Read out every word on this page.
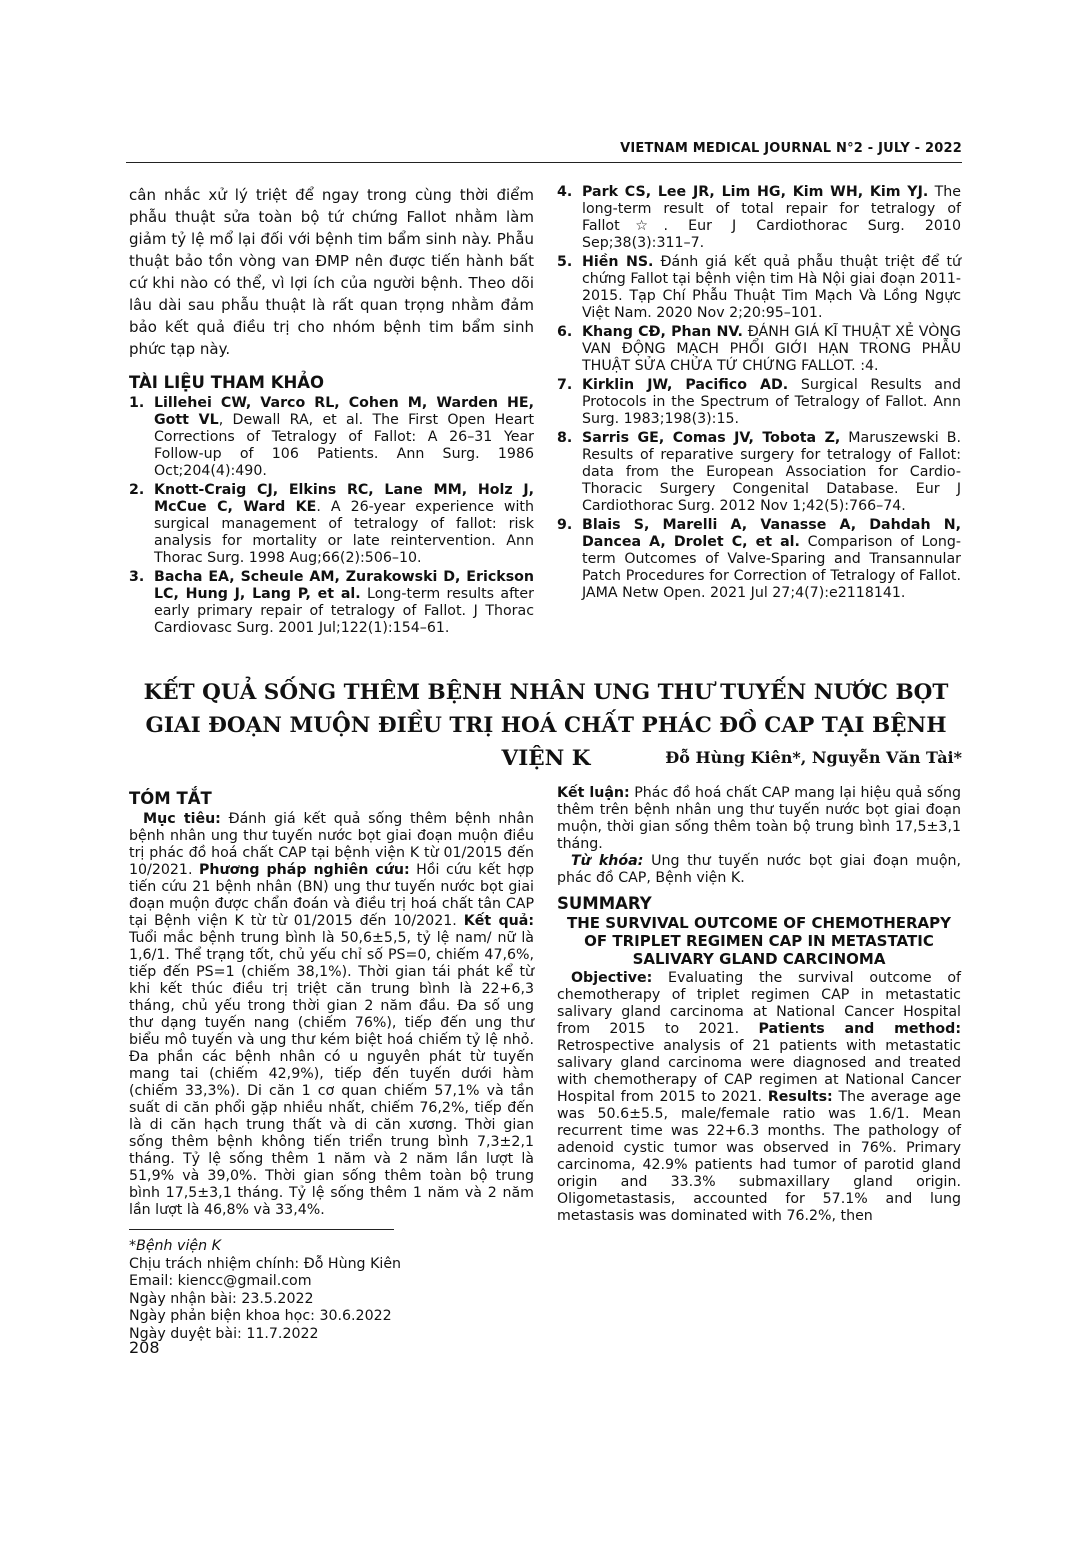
VIETNAM MEDICAL JOURNAL N°2 - JULY - 2022

cân nhắc xử lý triệt để ngay trong cùng thời điểm phẫu thuật sửa toàn bộ tứ chứng Fallot nhằm làm giảm tỷ lệ mổ lại đối với bệnh tim bẩm sinh này. Phẫu thuật bảo tồn vòng van ĐMP nên được tiến hành bất cứ khi nào có thể, vì lợi ích của người bệnh. Theo dõi lâu dài sau phẫu thuật là rất quan trọng nhằm đảm bảo kết quả điều trị cho nhóm bệnh tim bẩm sinh phức tạp này.

TÀI LIỆU THAM KHẢO
1. Lillehei CW, Varco RL, Cohen M, Warden HE, Gott VL, Dewall RA, et al. The First Open Heart Corrections of Tetralogy of Fallot: A 26–31 Year Follow-up of 106 Patients. Ann Surg. 1986 Oct;204(4):490.
2. Knott-Craig CJ, Elkins RC, Lane MM, Holz J, McCue C, Ward KE. A 26-year experience with surgical management of tetralogy of fallot: risk analysis for mortality or late reintervention. Ann Thorac Surg. 1998 Aug;66(2):506–10.
3. Bacha EA, Scheule AM, Zurakowski D, Erickson LC, Hung J, Lang P, et al. Long-term results after early primary repair of tetralogy of Fallot. J Thorac Cardiovasc Surg. 2001 Jul;122(1):154–61.
4. Park CS, Lee JR, Lim HG, Kim WH, Kim YJ. The long-term result of total repair for tetralogy of Fallot☆. Eur J Cardiothorac Surg. 2010 Sep;38(3):311–7.
5. Hiền NS. Đánh giá kết quả phẫu thuật triệt để tứ chứng Fallot tại bệnh viện tim Hà Nội giai đoạn 2011-2015. Tạp Chí Phẫu Thuật Tim Mạch Và Lồng Ngực Việt Nam. 2020 Nov 2;20:95–101.
6. Khang CĐ, Phan NV. ĐÁNH GIÁ KĨ THUẬT XẺ VÒNG VAN ĐỘNG MẠCH PHỔI GIỚI HẠN TRONG PHẪU THUẬT SỬA CHỬA TỨ CHỨNG FALLOT. :4.
7. Kirklin JW, Pacifico AD. Surgical Results and Protocols in the Spectrum of Tetralogy of Fallot. Ann Surg. 1983;198(3):15.
8. Sarris GE, Comas JV, Tobota Z, Maruszewski B. Results of reparative surgery for tetralogy of Fallot: data from the European Association for Cardio-Thoracic Surgery Congenital Database. Eur J Cardiothorac Surg. 2012 Nov 1;42(5):766–74.
9. Blais S, Marelli A, Vanasse A, Dahdah N, Dancea A, Drolet C, et al. Comparison of Long-term Outcomes of Valve-Sparing and Transannular Patch Procedures for Correction of Tetralogy of Fallot. JAMA Netw Open. 2021 Jul 27;4(7):e2118141.
KẾT QUẢ SỐNG THÊM BỆNH NHÂN UNG THƯ TUYẾN NƯỚC BỌT
GIAI ĐOẠN MUỘN ĐIỀU TRỊ HOÁ CHẤT PHÁC ĐỒ CAP TẠI BỆNH VIỆN K	Đỗ Hùng Kiên*, Nguyễn Văn Tài*
TÓM TẮT

Mục tiêu: Đánh giá kết quả sống thêm bệnh nhân bệnh nhân ung thư tuyến nước bọt giai đoạn muộn điều trị phác đồ hoá chất CAP tại bệnh viện K từ 01/2015 đến 10/2021. Phương pháp nghiên cứu: Hồi cứu kết hợp tiến cứu 21 bệnh nhân (BN) ung thư tuyến nước bọt giai đoạn muộn được chẩn đoán và điều trị hoá chất tân CAP tại Bệnh viện K từ từ 01/2015 đến 10/2021. Kết quả: Tuổi mắc bệnh trung bình là 50,6±5,5, tỷ lệ nam/ nữ là 1,6/1. Thể trạng tốt, chủ yếu chỉ số PS=0, chiếm 47,6%, tiếp đến PS=1 (chiếm 38,1%). Thời gian tái phát kể từ khi kết thúc điều trị triệt căn trung bình là 22+6,3 tháng, chủ yếu trong thời gian 2 năm đầu. Đa số ung thư dạng tuyến nang (chiếm 76%), tiếp đến ung thư biểu mô tuyến và ung thư kém biệt hoá chiếm tỷ lệ nhỏ. Đa phần các bệnh nhân có u nguyên phát từ tuyến mang tai (chiếm 42,9%), tiếp đến tuyến dưới hàm (chiếm 33,3%). Di căn 1 cơ quan chiếm 57,1% và tần suất di căn phổi gặp nhiều nhất, chiếm 76,2%, tiếp đến là di căn hạch trung thất và di căn xương. Thời gian sống thêm bệnh không tiến triển trung bình 7,3±2,1 tháng. Tỷ lệ sống thêm 1 năm và 2 năm lần lượt là 51,9% và 39,0%. Thời gian sống thêm toàn bộ trung bình 17,5±3,1 tháng. Tỷ lệ sống thêm 1 năm và 2 năm lần lượt là 46,8% và 33,4%.

Kết luận: Phác đồ hoá chất CAP mang lại hiệu quả sống thêm trên bệnh nhân ung thư tuyến nước bọt giai đoạn muộn, thời gian sống thêm toàn bộ trung bình 17,5±3,1 tháng.

Từ khóa: Ung thư tuyến nước bọt giai đoạn muộn, phác đồ CAP, Bệnh viện K.

SUMMARY
THE SURVIVAL OUTCOME OF CHEMOTHERAPY OF TRIPLET REGIMEN CAP IN METASTATIC SALIVARY GLAND CARCINOMA

Objective: Evaluating the survival outcome of chemotherapy of triplet regimen CAP in metastatic salivary gland carcinoma at National Cancer Hospital from 2015 to 2021. Patients and method: Retrospective analysis of 21 patients with metastatic salivary gland carcinoma were diagnosed and treated with chemotherapy of CAP regimen at National Cancer Hospital from 2015 to 2021. Results: The average age was 50.6±5.5, male/female ratio was 1.6/1. Mean recurrent time was 22+6.3 months. The pathology of adenoid cystic tumor was observed in 76%. Primary carcinoma, 42.9% patients had tumor of parotid gland origin and 33.3% submaxillary gland origin. Oligometastasis, accounted for 57.1% and lung metastasis was dominated with 76.2%, then

*Bệnh viện K
Chịu trách nhiệm chính: Đỗ Hùng Kiên
Email: kiencc@gmail.com
Ngày nhận bài: 23.5.2022
Ngày phản biện khoa học: 30.6.2022
Ngày duyệt bài: 11.7.2022
208
